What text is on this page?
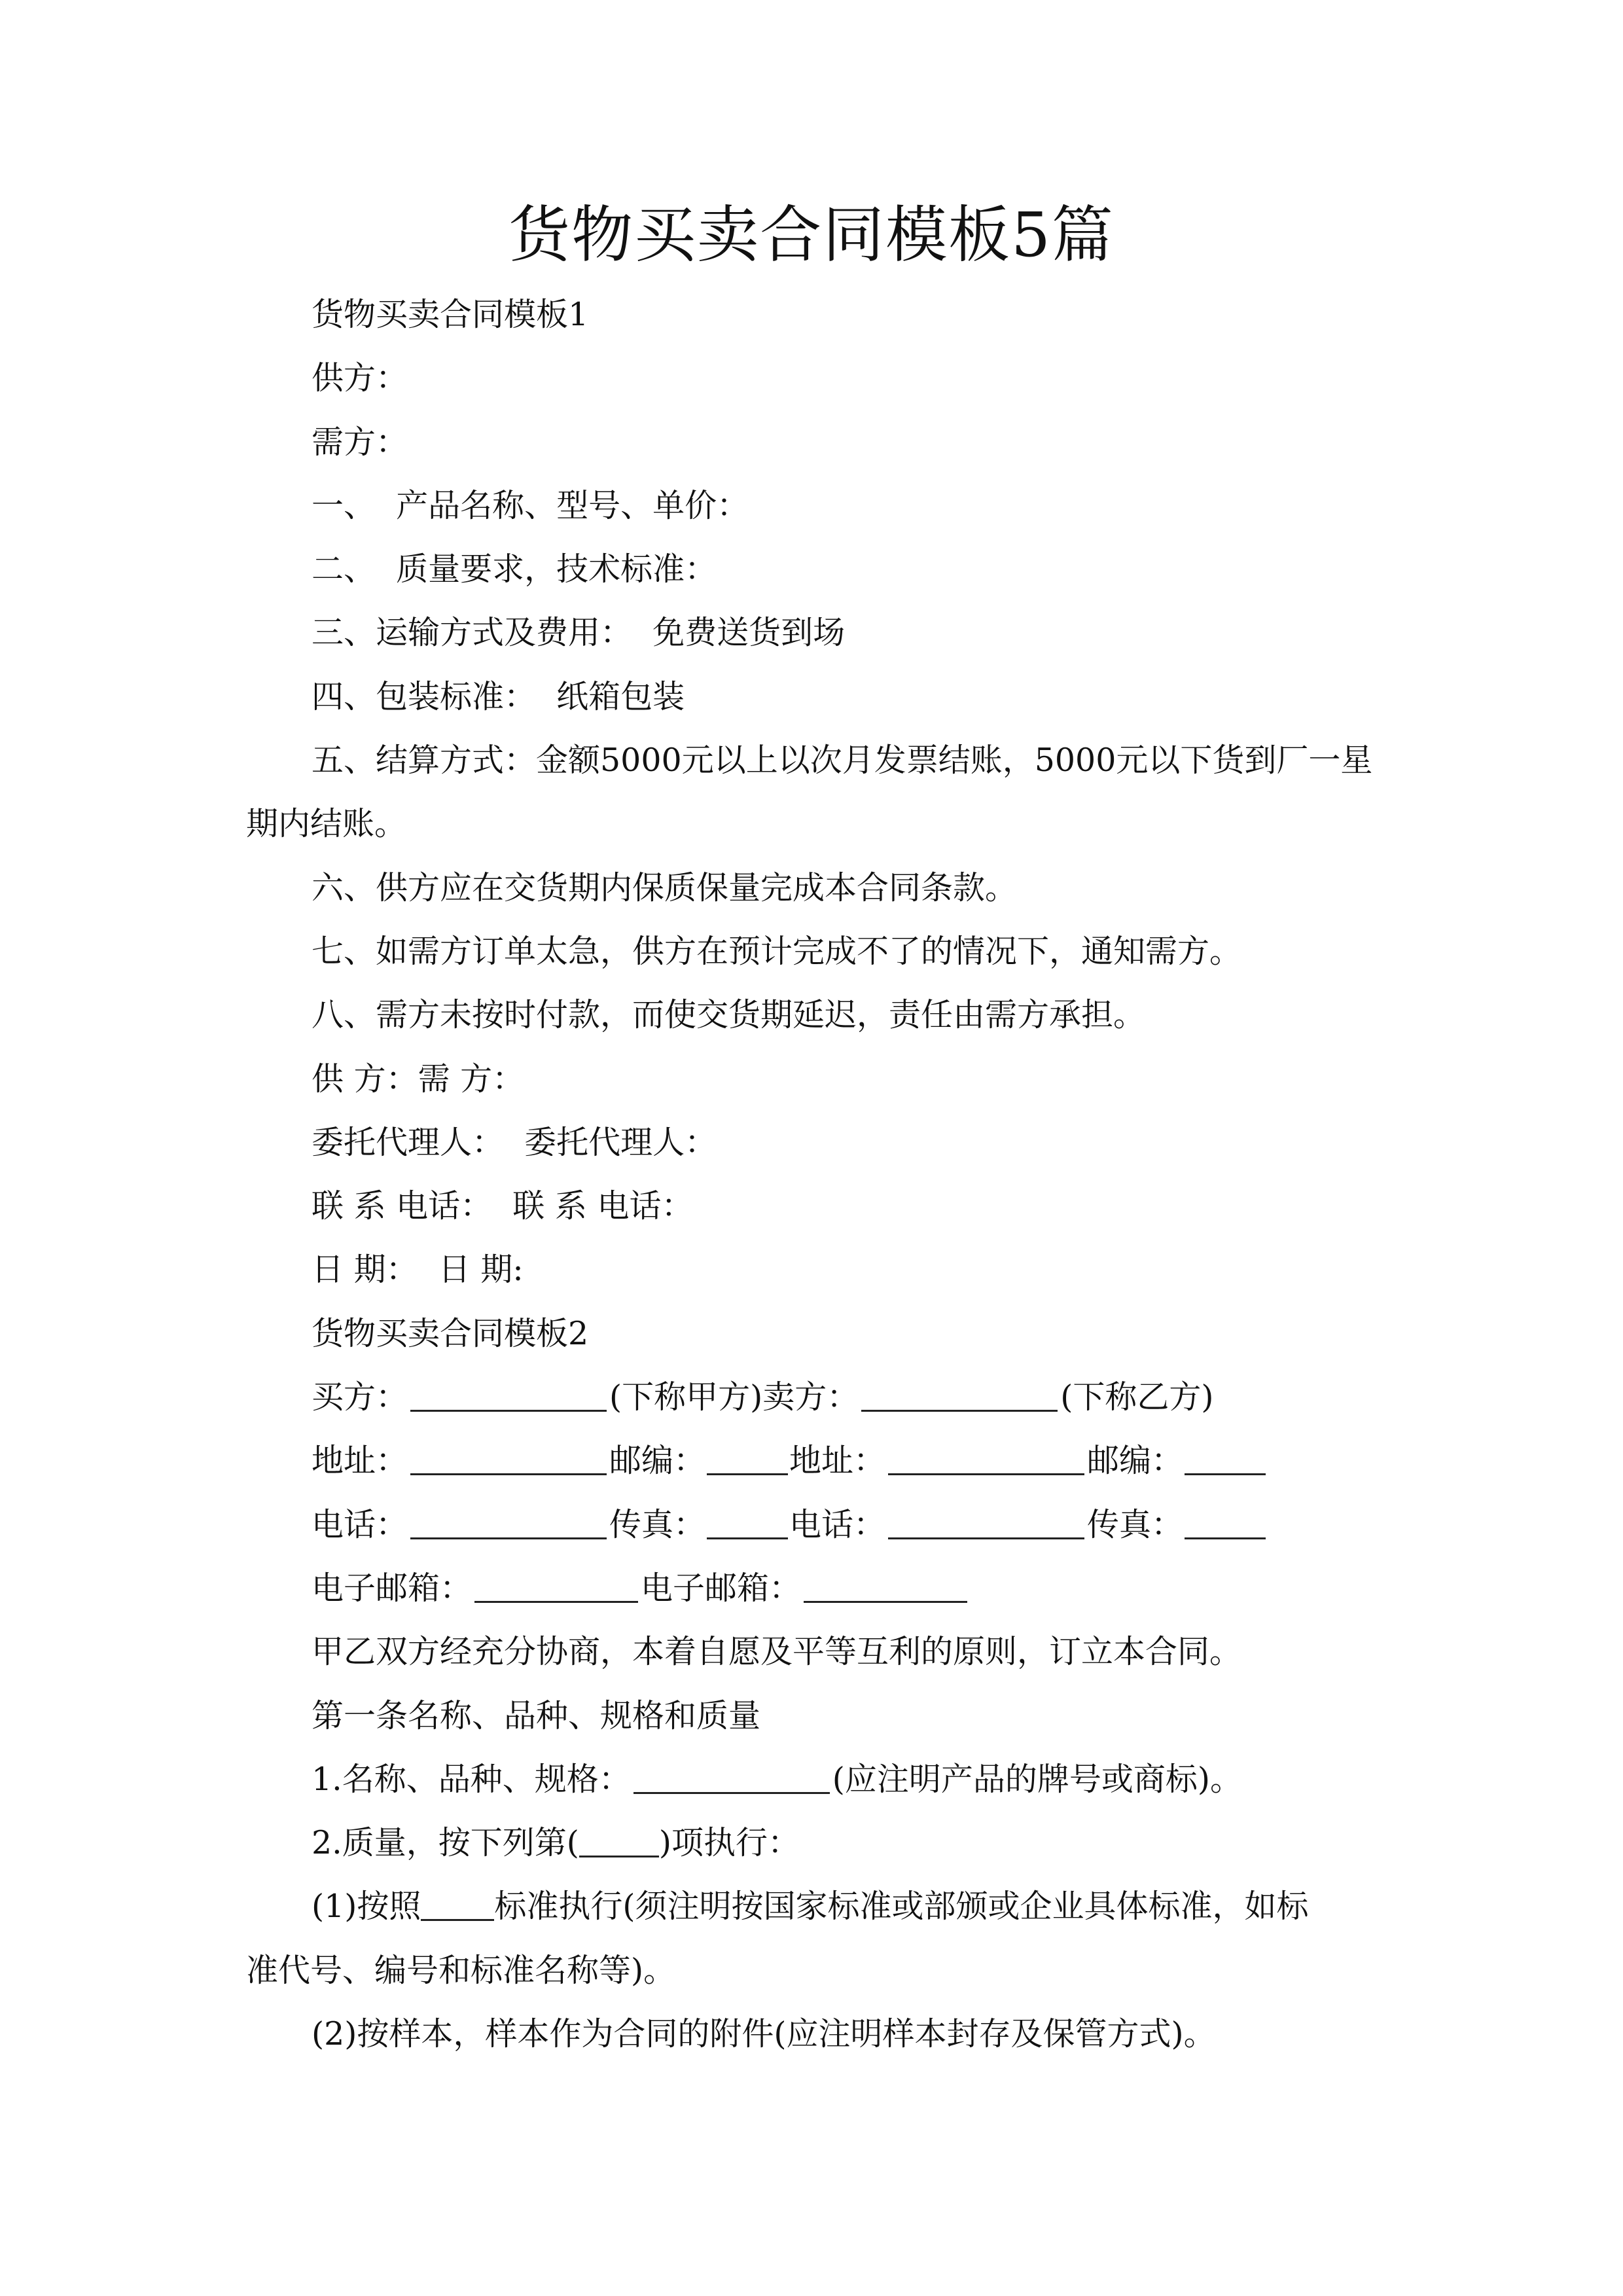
货物买卖合同模板5篇
货物买卖合同模板1
供方：
需方：
一、  产品名称、型号、单价：
二、  质量要求，技术标准：
三、运输方式及费用：  免费送货到场
四、包装标准：  纸箱包装
五、结算方式：金额5000元以上以次月发票结账，5000元以下货到厂一星
期内结账。
六、供方应在交货期内保质保量完成本合同条款。
七、如需方订单太急，供方在预计完成不了的情况下，通知需方。
八、需方未按时付款，而使交货期延迟，责任由需方承担。
供 方：需 方：
委托代理人：  委托代理人：
联 系 电话：  联 系 电话：
日 期：  日 期:
货物买卖合同模板2
买方：	(下称甲方)卖方：	(下称乙方)
地址：	邮编：	地址：	邮编：
电话：	传真：	电话：	传真：
电子邮箱：	电子邮箱：
甲乙双方经充分协商，本着自愿及平等互利的原则，订立本合同。
第一条名称、品种、规格和质量
1.名称、品种、规格：	(应注明产品的牌号或商标)。
2.质量，按下列第( )项执行：
(1)按照 标准执行(须注明按国家标准或部颁或企业具体标准，如标
准代号、编号和标准名称等)。
(2)按样本，样本作为合同的附件(应注明样本封存及保管方式)。
